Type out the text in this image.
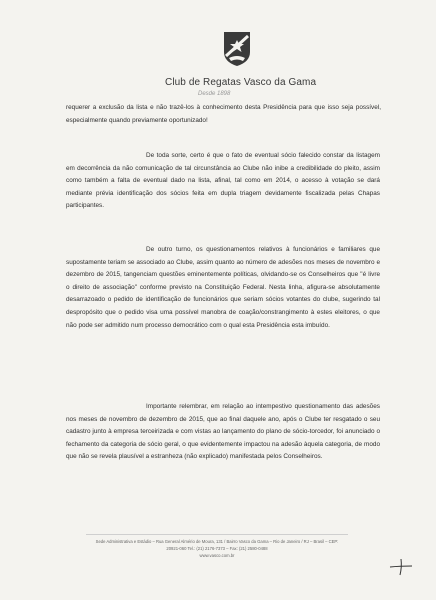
Club de Regatas Vasco da Gama
Desde 1898

requerer a exclusão da lista e não trazê-los à conhecimento desta Presidência para que isso seja possível, especialmente quando previamente oportunizado!

De toda sorte, certo é que o fato de eventual sócio falecido constar da listagem em decorrência da não comunicação de tal circunstância ao Clube não inibe a credibilidade do pleito, assim como também a falta de eventual dado na lista, afinal, tal como em 2014, o acesso à votação se dará mediante prévia identificação dos sócios feita em dupla triagem devidamente fiscalizada pelas Chapas participantes.

De outro turno, os questionamentos relativos à funcionários e familiares que supostamente teriam se associado ao Clube, assim quanto ao número de adesões nos meses de novembro e dezembro de 2015, tangenciam questões eminentemente políticas, olvidando-se os Conselheiros que "é livre o direito de associação" conforme previsto na Constituição Federal. Nesta linha, afigura-se absolutamente desarrazoado o pedido de identificação de funcionários que seriam sócios votantes do clube, sugerindo tal despropósito que o pedido visa uma possível manobra de coação/constrangimento à estes eleitores, o que não pode ser admitido num processo democrático com o qual esta Presidência esta imbuído.

Importante relembrar, em relação ao intempestivo questionamento das adesões nos meses de novembro de dezembro de 2015, que ao final daquele ano, após o Clube ter resgatado o seu cadastro junto à empresa terceirizada e com vistas ao lançamento do plano de sócio-torcedor, foi anunciado o fechamento da categoria de sócio geral, o que evidentemente impactou na adesão àquela categoria, de modo que não se revela plausível a estranheza (não explicado) manifestada pelos Conselheiros.

Sede Administrativa e Estádio – Rua General Almério de Moura, 131 / Bairro Vasco da Gama – Rio de Janeiro / RJ – Brasil – CEP:
20921-060 Tel.: (21) 2176-7373 – Fax: (21) 2580-0488
www.vasco.com.br
